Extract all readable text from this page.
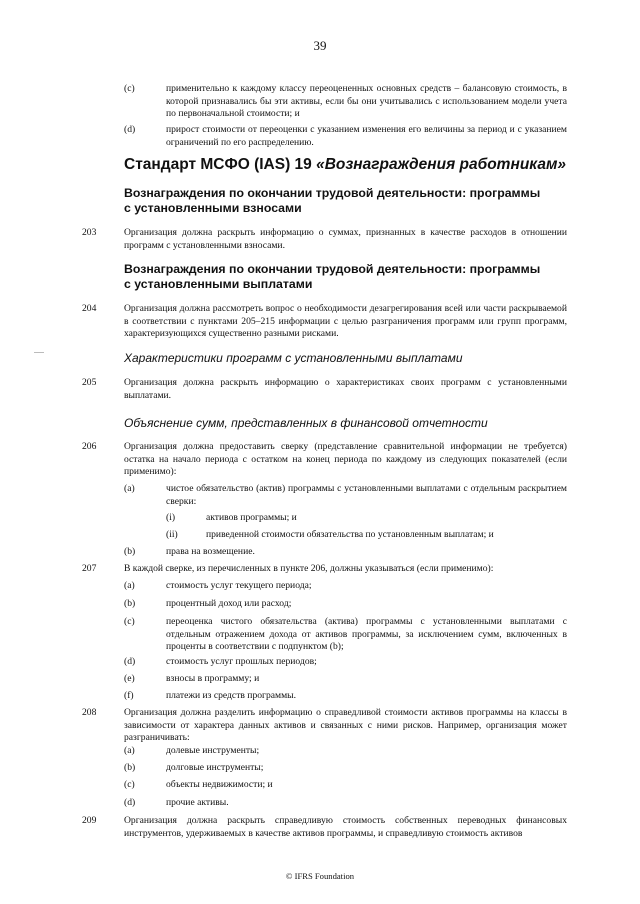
39
(c)	применительно к каждому классу переоцененных основных средств – балансовую стоимость, в которой признавались бы эти активы, если бы они учитывались с использованием модели учета по первоначальной стоимости; и
(d)	прирост стоимости от переоценки с указанием изменения его величины за период и с указанием ограничений по его распределению.
Стандарт МСФО (IAS) 19 «Вознаграждения работникам»
Вознаграждения по окончании трудовой деятельности: программы с установленными взносами
203	Организация должна раскрыть информацию о суммах, признанных в качестве расходов в отношении программ с установленными взносами.
Вознаграждения по окончании трудовой деятельности: программы с установленными выплатами
204	Организация должна рассмотреть вопрос о необходимости дезагрегирования всей или части раскрываемой в соответствии с пунктами 205–215 информации с целью разграничения программ или групп программ, характеризующихся существенно разными рисками.
Характеристики программ с установленными выплатами
205	Организация должна раскрыть информацию о характеристиках своих программ с установленными выплатами.
Объяснение сумм, представленных в финансовой отчетности
206	Организация должна предоставить сверку (представление сравнительной информации не требуется) остатка на начало периода с остатком на конец периода по каждому из следующих показателей (если применимо):
(a)	чистое обязательство (актив) программы с установленными выплатами с отдельным раскрытием сверки:
(i)	активов программы; и
(ii)	приведенной стоимости обязательства по установленным выплатам; и
(b)	права на возмещение.
207	В каждой сверке, из перечисленных в пункте 206, должны указываться (если применимо):
(a)	стоимость услуг текущего периода;
(b)	процентный доход или расход;
(c)	переоценка чистого обязательства (актива) программы с установленными выплатами с отдельным отражением дохода от активов программы, за исключением сумм, включенных в проценты в соответствии с подпунктом (b);
(d)	стоимость услуг прошлых периодов;
(e)	взносы в программу; и
(f)	платежи из средств программы.
208	Организация должна разделить информацию о справедливой стоимости активов программы на классы в зависимости от характера данных активов и связанных с ними рисков. Например, организация может разграничивать:
(a)	долевые инструменты;
(b)	долговые инструменты;
(c)	объекты недвижимости; и
(d)	прочие активы.
209	Организация должна раскрыть справедливую стоимость собственных переводных финансовых инструментов, удерживаемых в качестве активов программы, и справедливую стоимость активов
© IFRS Foundation
